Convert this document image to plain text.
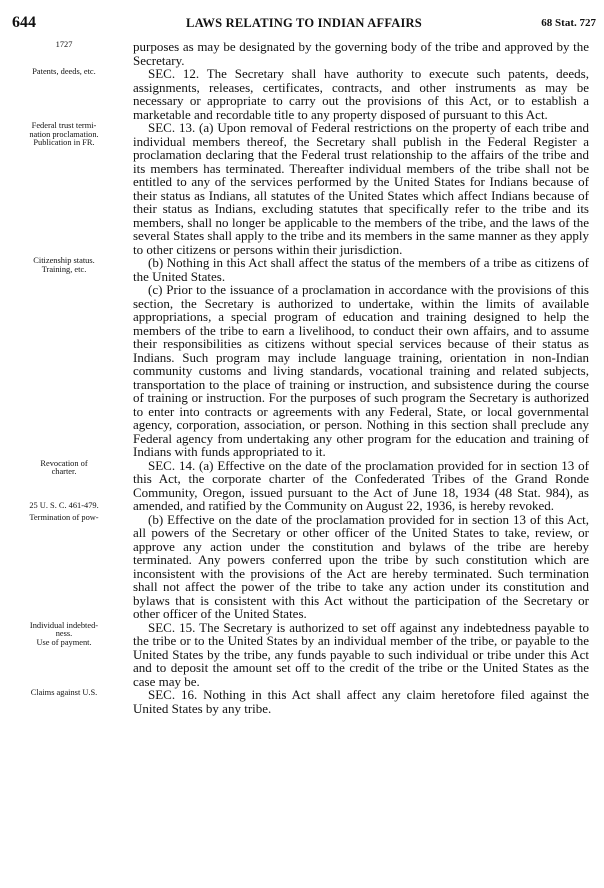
644	LAWS RELATING TO INDIAN AFFAIRS	68 Stat. 727
1727	purposes as may be designated by the governing body of the tribe and approved by the Secretary.
Patents, deeds, etc.	SEC. 12. The Secretary shall have authority to execute such patents, deeds, assignments, releases, certificates, contracts, and other instruments as may be necessary or appropriate to carry out the provisions of this Act, or to establish a marketable and recordable title to any property disposed of pursuant to this Act.
Federal trust termi-
nation proclamation.
Publication in FR.
SEC. 13. (a) Upon removal of Federal restrictions on the property of each tribe and individual members thereof, the Secretary shall publish in the Federal Register a proclamation declaring that the Federal trust relationship to the affairs of the tribe and its members has terminated. Thereafter individual members of the tribe shall not be entitled to any of the services performed by the United States for Indians because of their status as Indians, all statutes of the United States which affect Indians because of their status as Indians, excluding statutes that specifically refer to the tribe and its members, shall no longer be applicable to the members of the tribe, and the laws of the several States shall apply to the tribe and its members in the same manner as they apply to other citizens or persons within their jurisdiction.
Citizenship status.
Training, etc.	(b) Nothing in this Act shall affect the status of the members of a tribe as citizens of the United States.
(c) Prior to the issuance of a proclamation in accordance with the provisions of this section, the Secretary is authorized to undertake, within the limits of available appropriations, a special program of education and training designed to help the members of the tribe to earn a livelihood, to conduct their own affairs, and to assume their responsibilities as citizens without special services because of their status as Indians. Such program may include language training, orientation in non-Indian community customs and living standards, vocational training and related subjects, transportation to the place of training or instruction, and subsistence during the course of training or instruction. For the purposes of such program the Secretary is authorized to enter into contracts or agreements with any Federal, State, or local governmental agency, corporation, association, or person. Nothing in this section shall preclude any Federal agency from undertaking any other program for the education and training of Indians with funds appropriated to it.
Revocation of
charter.

25 U. S. C. 461-479.
SEC. 14. (a) Effective on the date of the proclamation provided for in section 13 of this Act, the corporate charter of the Confederated Tribes of the Grand Ronde Community, Oregon, issued pursuant to the Act of June 18, 1934 (48 Stat. 984), as amended, and ratified by the Community on August 22, 1936, is hereby revoked.
Termination of pow-	(b) Effective on the date of the proclamation provided for in section 13 of this Act, all powers of the Secretary or other officer of the United States to take, review, or approve any action under the constitution and bylaws of the tribe are hereby terminated. Any powers conferred upon the tribe by such constitution which are inconsistent with the provisions of the Act are hereby terminated. Such termination shall not affect the power of the tribe to take any action under its constitution and bylaws that is consistent with this Act without the participation of the Secretary or other officer of the United States.
Individual indebted-
ness.
Use of payment.
SEC. 15. The Secretary is authorized to set off against any indebtedness payable to the tribe or to the United States by an individual member of the tribe, or payable to the United States by the tribe, any funds payable to such individual or tribe under this Act and to deposit the amount set off to the credit of the tribe or the United States as the case may be.
Claims against U.S.	SEC. 16. Nothing in this Act shall affect any claim heretofore filed against the United States by any tribe.
